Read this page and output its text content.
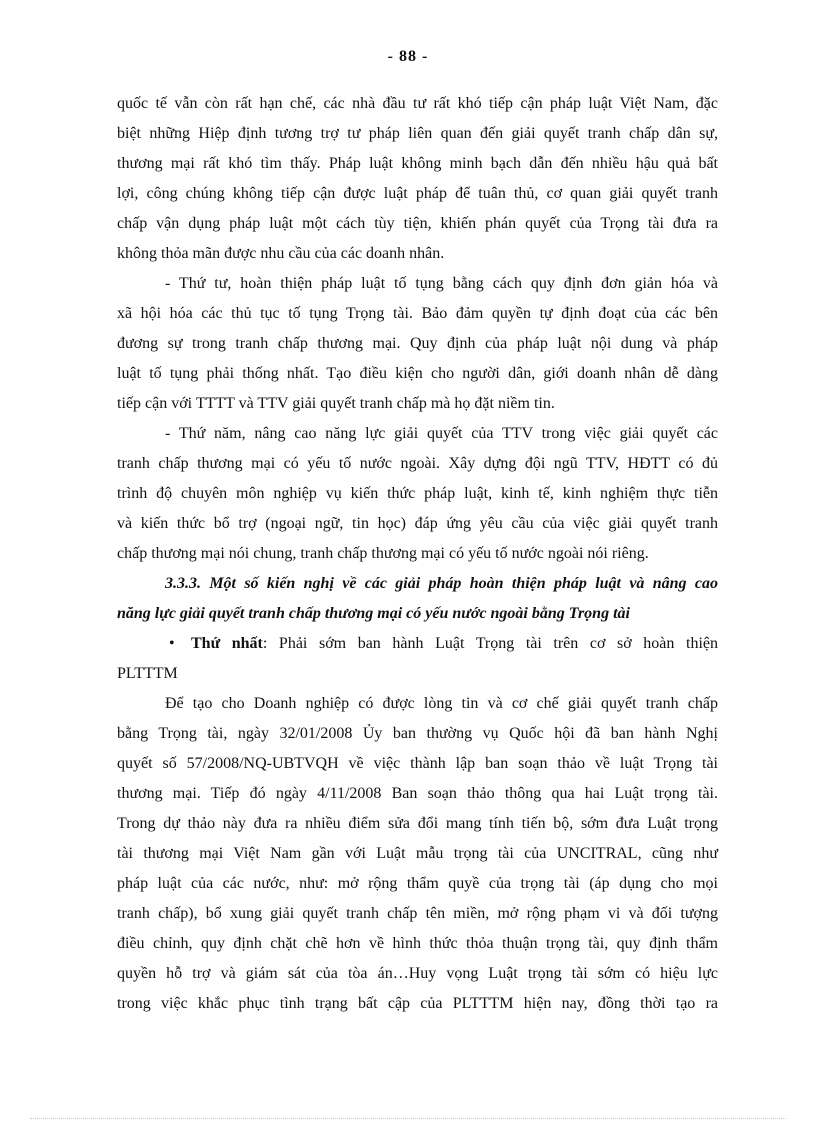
- 88 -

quốc tế vẫn còn rất hạn chế, các nhà đầu tư rất khó tiếp cận pháp luật Việt Nam, đặc

biệt những Hiệp định tương trợ tư pháp liên quan đến giải quyết tranh chấp dân sự,

thương mại rất khó tìm thấy. Pháp luật không minh bạch dẫn đến nhiều hậu quả bất

lợi, công chúng không tiếp cận được luật pháp để tuân thủ, cơ quan giải quyết tranh

chấp vận dụng pháp luật một cách tùy tiện, khiến phán quyết của Trọng tài đưa ra

không thỏa mãn được nhu cầu của các doanh nhân.

- Thứ tư, hoàn thiện pháp luật tố tụng bằng cách quy định đơn giản hóa và

xã hội hóa các thủ tục tố tụng Trọng tài. Bảo đảm quyền tự định đoạt của các bên

đương sự trong tranh chấp thương mại. Quy định của pháp luật nội dung và pháp

luật tố tụng phải thống nhất. Tạo điều kiện cho người dân, giới doanh nhân dễ dàng

tiếp cận với TTTT và TTV giải quyết tranh chấp mà họ đặt niềm tin.

- Thứ năm, nâng cao năng lực giải quyết của TTV trong việc giải quyết các

tranh chấp thương mại có yếu tố nước ngoài. Xây dựng đội ngũ TTV, HĐTT có đủ

trình độ chuyên môn nghiệp vụ kiến thức pháp luật, kinh tế, kinh nghiệm thực tiễn

và kiến thức bổ trợ (ngoại ngữ, tin học) đáp ứng yêu cầu của việc giải quyết tranh

chấp thương mại nói chung, tranh chấp thương mại có yếu tố nước ngoài nói riêng.

3.3.3. Một số kiến nghị về các giải pháp hoàn thiện pháp luật và nâng cao

năng lực giải quyết tranh chấp thương mại có yếu nước ngoài bằng Trọng tài

• Thứ nhất: Phải sớm ban hành Luật Trọng tài trên cơ sở hoàn thiện

PLTTTM

Để tạo cho Doanh nghiệp có được lòng tin và cơ chế giải quyết tranh chấp

bằng Trọng tài, ngày 32/01/2008 Ủy ban thường vụ Quốc hội đã ban hành Nghị

quyết số 57/2008/NQ-UBTVQH về việc thành lập ban soạn thảo về luật Trọng tài

thương mại. Tiếp đó ngày 4/11/2008 Ban soạn thảo thông qua hai Luật trọng tài.

Trong dự thảo này đưa ra nhiều điểm sửa đổi mang tính tiến bộ, sớm đưa Luật trọng

tài thương mại Việt Nam gần với Luật mẫu trọng tài của UNCITRAL, cũng như

pháp luật của các nước, như: mở rộng thẩm quyề của trọng tài (áp dụng cho mọi

tranh chấp), bổ xung giải quyết tranh chấp tên miền, mở rộng phạm vi và đối tượng

điều chỉnh, quy định chặt chẽ hơn về hình thức thỏa thuận trọng tài, quy định thẩm

quyền hỗ trợ và giám sát của tòa án…Huy vọng Luật trọng tài sớm có hiệu lực

trong việc khắc phục tình trạng bất cập của PLTTTM hiện nay, đồng thời tạo ra
